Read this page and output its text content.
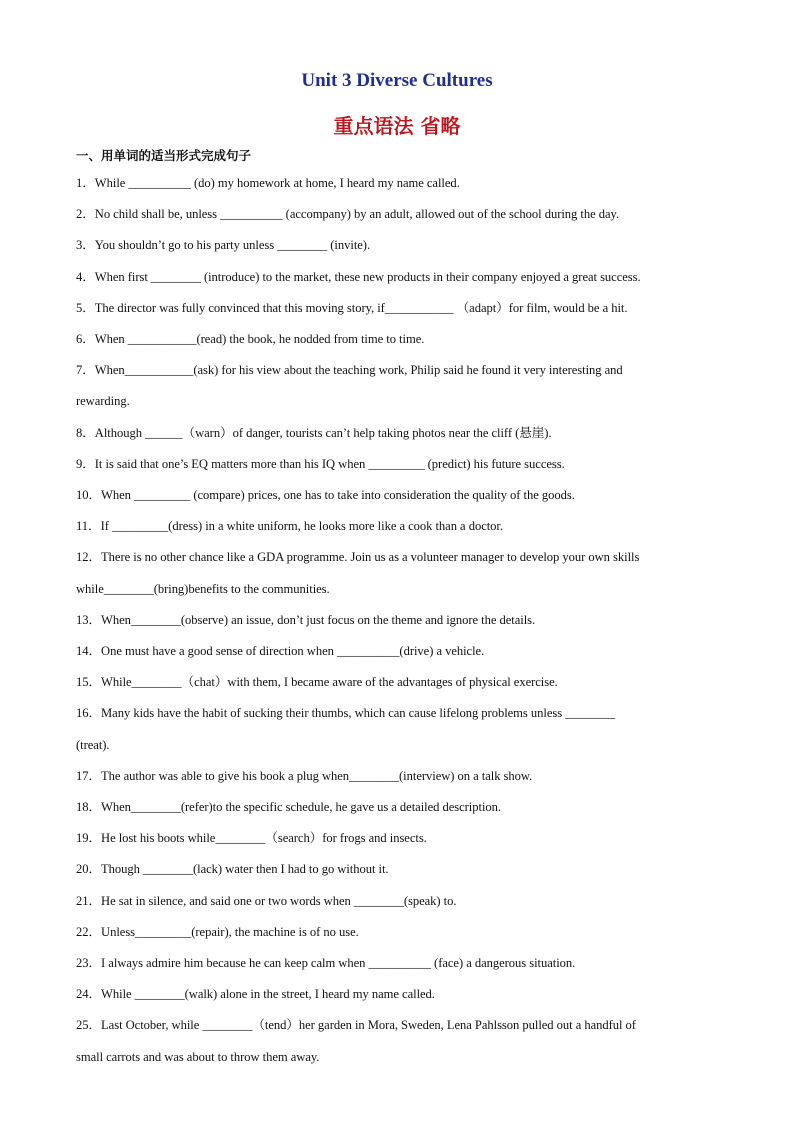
Unit 3 Diverse Cultures
重点语法 省略
一、用单词的适当形式完成句子

1．While __________ (do) my homework at home, I heard my name called.

2．No child shall be, unless __________ (accompany) by an adult, allowed out of the school during the day.

3．You shouldn’t go to his party unless ________ (invite).

4．When first ________ (introduce) to the market, these new products in their company enjoyed a great success.

5．The director was fully convinced that this moving story, if___________ （adapt）for film, would be a hit.

6．When ___________(read) the book, he nodded from time to time.

7．When___________(ask) for his view about the teaching work, Philip said he found it very interesting and

rewarding.

8．Although ______（warn）of danger, tourists can’t help taking photos near the cliff (悬崖).

9．It is said that one’s EQ matters more than his IQ when _________ (predict) his future success.

10．When _________ (compare) prices, one has to take into consideration the quality of the goods.

11．If _________(dress) in a white uniform, he looks more like a cook than a doctor.

12．There is no other chance like a GDA programme. Join us as a volunteer manager to develop your own skills

while________(bring)benefits to the communities.

13．When________(observe) an issue, don’t just focus on the theme and ignore the details.

14．One must have a good sense of direction when __________(drive) a vehicle.

15．While________（chat）with them, I became aware of the advantages of physical exercise.

16．Many kids have the habit of sucking their thumbs, which can cause lifelong problems unless ________

(treat).

17．The author was able to give his book a plug when________(interview) on a talk show.

18．When________(refer)to the specific schedule, he gave us a detailed description.

19．He lost his boots while________（search）for frogs and insects.

20．Though ________(lack) water then I had to go without it.

21．He sat in silence, and said one or two words when ________(speak) to.

22．Unless_________(repair), the machine is of no use.

23．I always admire him because he can keep calm when __________ (face) a dangerous situation.

24．While ________(walk) alone in the street, I heard my name called.

25．Last October, while ________（tend）her garden in Mora, Sweden, Lena Pahlsson pulled out a handful of

small carrots and was about to throw them away.
